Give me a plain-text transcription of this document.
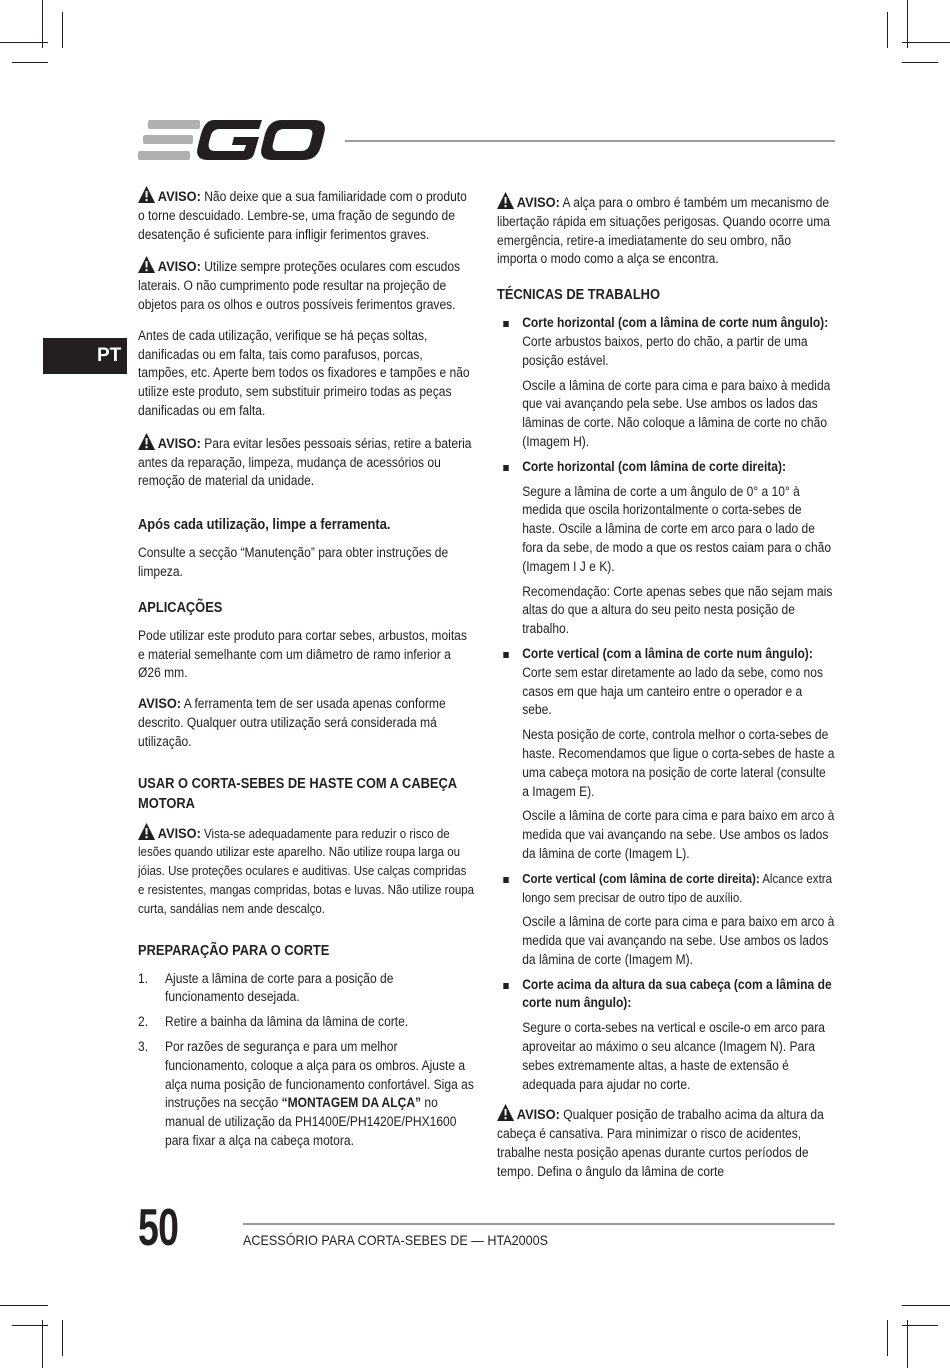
PT

AVISO: Não deixe que a sua familiaridade com o produto o torne descuidado. Lembre-se, uma fração de segundo de desatenção é suficiente para infligir ferimentos graves.

AVISO: Utilize sempre proteções oculares com escudos laterais. O não cumprimento pode resultar na projeção de objetos para os olhos e outros possíveis ferimentos graves.

Antes de cada utilização, verifique se há peças soltas, danificadas ou em falta, tais como parafusos, porcas, tampões, etc. Aperte bem todos os fixadores e tampões e não utilize este produto, sem substituir primeiro todas as peças danificadas ou em falta.

AVISO: Para evitar lesões pessoais sérias, retire a bateria antes da reparação, limpeza, mudança de acessórios ou remoção de material da unidade.

Após cada utilização, limpe a ferramenta.

Consulte a secção “Manutenção” para obter instruções de limpeza.

APLICAÇÕES

Pode utilizar este produto para cortar sebes, arbustos, moitas e material semelhante com um diâmetro de ramo inferior a Ø26 mm.

AVISO: A ferramenta tem de ser usada apenas conforme descrito. Qualquer outra utilização será considerada má utilização.

USAR O CORTA-SEBES DE HASTE COM A CABEÇA MOTORA

AVISO: Vista-se adequadamente para reduzir o risco de lesões quando utilizar este aparelho. Não utilize roupa larga ou jóias. Use proteções oculares e auditivas. Use calças compridas e resistentes, mangas compridas, botas e luvas. Não utilize roupa curta, sandálias nem ande descalço.

PREPARAÇÃO PARA O CORTE
1. Ajuste a lâmina de corte para a posição de funcionamento desejada.
2. Retire a bainha da lâmina da lâmina de corte.
3. Por razões de segurança e para um melhor funcionamento, coloque a alça para os ombros. Ajuste a alça numa posição de funcionamento confortável. Siga as instruções na secção “MONTAGEM DA ALÇA” no manual de utilização da PH1400E/PH1420E/PHX1600 para fixar a alça na cabeça motora.

AVISO: A alça para o ombro é também um mecanismo de libertação rápida em situações perigosas. Quando ocorre uma emergência, retire-a imediatamente do seu ombro, não importa o modo como a alça se encontra.

TÉCNICAS DE TRABALHO
Corte horizontal (com a lâmina de corte num ângulo): Corte arbustos baixos, perto do chão, a partir de uma posição estável.

Oscile a lâmina de corte para cima e para baixo à medida que vai avançando pela sebe. Use ambos os lados das lâminas de corte. Não coloque a lâmina de corte no chão (Imagem H).

Corte horizontal (com lâmina de corte direita):

Segure a lâmina de corte a um ângulo de 0° a 10° à medida que oscila horizontalmente o corta-sebes de haste. Oscile a lâmina de corte em arco para o lado de fora da sebe, de modo a que os restos caiam para o chão (Imagem I J e K).

Recomendação: Corte apenas sebes que não sejam mais altas do que a altura do seu peito nesta posição de trabalho.

Corte vertical (com a lâmina de corte num ângulo): Corte sem estar diretamente ao lado da sebe, como nos casos em que haja um canteiro entre o operador e a sebe.

Nesta posição de corte, controla melhor o corta-sebes de haste. Recomendamos que ligue o corta-sebes de haste a uma cabeça motora na posição de corte lateral (consulte a Imagem E).

Oscile a lâmina de corte para cima e para baixo em arco à medida que vai avançando na sebe. Use ambos os lados da lâmina de corte (Imagem L).

Corte vertical (com lâmina de corte direita): Alcance extra longo sem precisar de outro tipo de auxílio.

Oscile a lâmina de corte para cima e para baixo em arco à medida que vai avançando na sebe. Use ambos os lados da lâmina de corte (Imagem M).

Corte acima da altura da sua cabeça (com a lâmina de corte num ângulo):

Segure o corta-sebes na vertical e oscile-o em arco para aproveitar ao máximo o seu alcance (Imagem N). Para sebes extremamente altas, a haste de extensão é adequada para ajudar no corte.

AVISO: Qualquer posição de trabalho acima da altura da cabeça é cansativa. Para minimizar o risco de acidentes, trabalhe nesta posição apenas durante curtos períodos de tempo. Defina o ângulo da lâmina de corte

50	ACESSÓRIO PARA CORTA-SEBES DE — HTA2000S
